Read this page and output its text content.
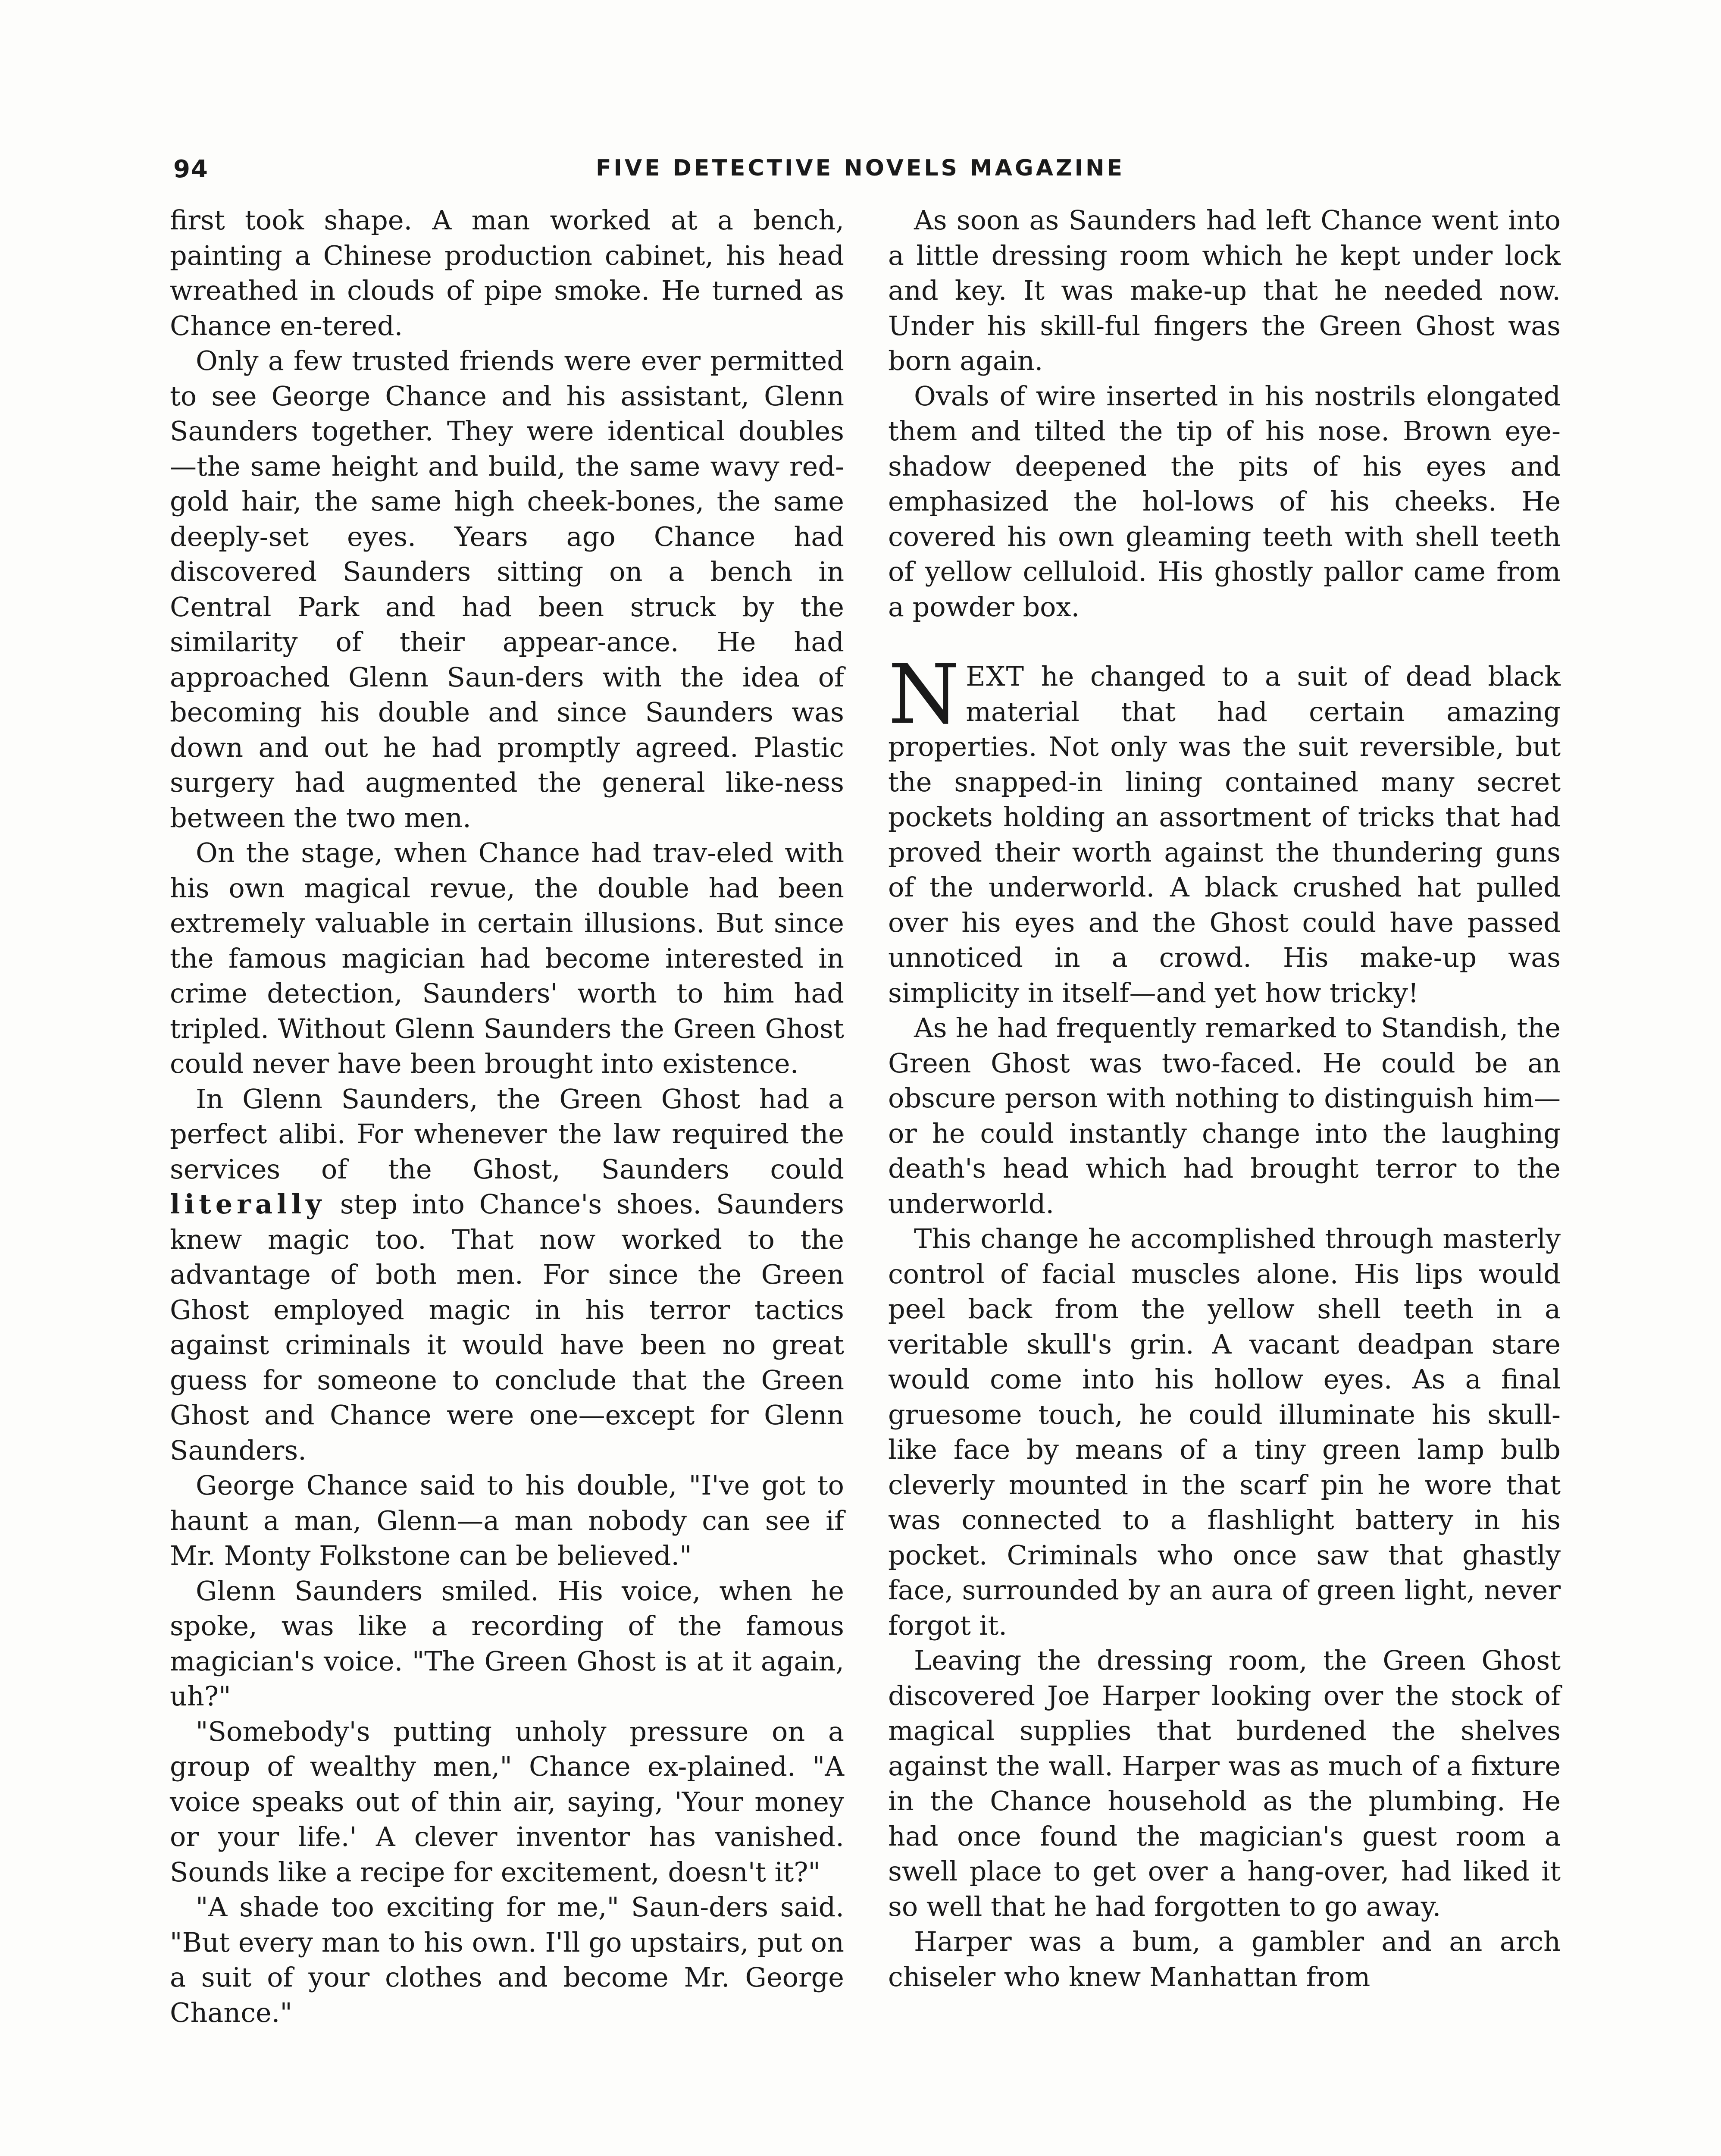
94	FIVE DETECTIVE NOVELS MAGAZINE

first took shape. A man worked at a bench, painting a Chinese production cabinet, his head wreathed in clouds of pipe smoke. He turned as Chance en-tered.

Only a few trusted friends were ever permitted to see George Chance and his assistant, Glenn Saunders together. They were identical doubles—the same height and build, the same wavy red-gold hair, the same high cheek-bones, the same deeply-set eyes. Years ago Chance had discovered Saunders sitting on a bench in Central Park and had been struck by the similarity of their appear-ance. He had approached Glenn Saun-ders with the idea of becoming his double and since Saunders was down and out he had promptly agreed. Plastic surgery had augmented the general like-ness between the two men.

On the stage, when Chance had trav-eled with his own magical revue, the double had been extremely valuable in certain illusions. But since the famous magician had become interested in crime detection, Saunders' worth to him had tripled. Without Glenn Saunders the Green Ghost could never have been brought into existence.

In Glenn Saunders, the Green Ghost had a perfect alibi. For whenever the law required the services of the Ghost, Saunders could literally step into Chance's shoes. Saunders knew magic too. That now worked to the advantage of both men. For since the Green Ghost employed magic in his terror tactics against criminals it would have been no great guess for someone to conclude that the Green Ghost and Chance were one—except for Glenn Saunders.

George Chance said to his double, "I've got to haunt a man, Glenn—a man nobody can see if Mr. Monty Folkstone can be believed."

Glenn Saunders smiled. His voice, when he spoke, was like a recording of the famous magician's voice. "The Green Ghost is at it again, uh?"

"Somebody's putting unholy pressure on a group of wealthy men," Chance ex-plained. "A voice speaks out of thin air, saying, 'Your money or your life.' A clever inventor has vanished. Sounds like a recipe for excitement, doesn't it?"

"A shade too exciting for me," Saun-ders said. "But every man to his own. I'll go upstairs, put on a suit of your clothes and become Mr. George Chance."

As soon as Saunders had left Chance went into a little dressing room which he kept under lock and key. It was make-up that he needed now. Under his skill-ful fingers the Green Ghost was born again.

Ovals of wire inserted in his nostrils elongated them and tilted the tip of his nose. Brown eye-shadow deepened the pits of his eyes and emphasized the hol-lows of his cheeks. He covered his own gleaming teeth with shell teeth of yellow celluloid. His ghostly pallor came from a powder box.

NEXT he changed to a suit of dead black material that had certain amazing properties. Not only was the suit reversible, but the snapped-in lining contained many secret pockets holding an assortment of tricks that had proved their worth against the thundering guns of the underworld. A black crushed hat pulled over his eyes and the Ghost could have passed unnoticed in a crowd. His make-up was simplicity in itself—and yet how tricky!

As he had frequently remarked to Standish, the Green Ghost was two-faced. He could be an obscure person with nothing to distinguish him—or he could instantly change into the laughing death's head which had brought terror to the underworld.

This change he accomplished through masterly control of facial muscles alone. His lips would peel back from the yellow shell teeth in a veritable skull's grin. A vacant deadpan stare would come into his hollow eyes. As a final gruesome touch, he could illuminate his skull-like face by means of a tiny green lamp bulb cleverly mounted in the scarf pin he wore that was connected to a flashlight battery in his pocket. Criminals who once saw that ghastly face, surrounded by an aura of green light, never forgot it.

Leaving the dressing room, the Green Ghost discovered Joe Harper looking over the stock of magical supplies that burdened the shelves against the wall. Harper was as much of a fixture in the Chance household as the plumbing. He had once found the magician's guest room a swell place to get over a hang-over, had liked it so well that he had forgotten to go away.

Harper was a bum, a gambler and an arch chiseler who knew Manhattan from
